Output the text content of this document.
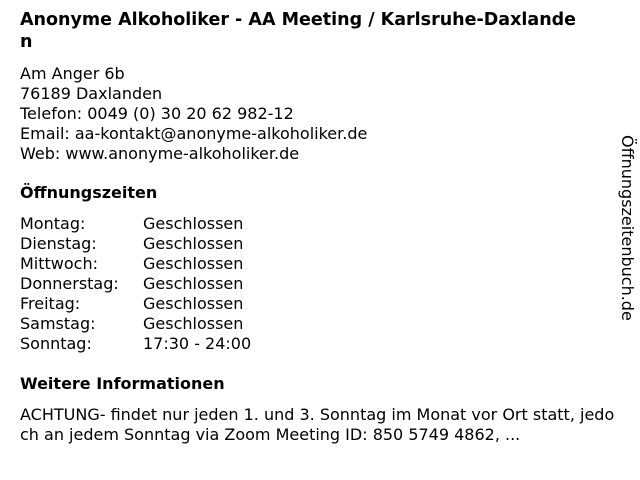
Anonyme Alkoholiker - AA Meeting / Karlsruhe-Daxlanden
Am Anger 6b
76189 Daxlanden
Telefon: 0049 (0) 30 20 62 982-12
Email: aa-kontakt@anonyme-alkoholiker.de
Web: www.anonyme-alkoholiker.de
Öffnungszeiten
Montag:	Geschlossen
Dienstag:	Geschlossen
Mittwoch:	Geschlossen
Donnerstag:	Geschlossen
Freitag:	Geschlossen
Samstag:	Geschlossen
Sonntag:	17:30 - 24:00
Weitere Informationen
ACHTUNG- findet nur jeden 1. und 3. Sonntag im Monat vor Ort statt, jedoch an jedem Sonntag via Zoom Meeting ID: 850 5749 4862, ...
Öffnungszeitenbuch.de
